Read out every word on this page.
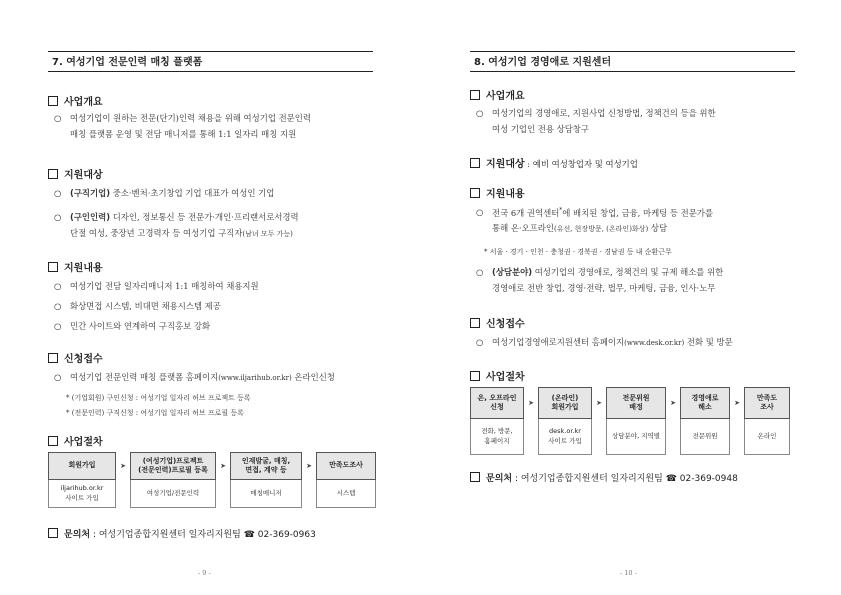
7. 여성기업 전문인력 매칭 플랫폼
사업개요
○ 여성기업이 원하는 전문(단기)인력 채용을 위해 여성기업 전문인력
매칭 플랫폼 운영 및 전담 매니저를 통해 1:1 일자리 매칭 지원
지원대상
○ (구직기업) 중소·벤처·초기창업 기업 대표가 여성인 기업
○ (구인인력) 디자인, 정보통신 등 전문가·개인·프리랜서로서경력
단절 여성, 중장년 고경력자 등 여성기업 구직자(남녀 모두 가능)
지원내용
○ 여성기업 전담 일자리매니저 1:1 매칭하여 채용지원
○ 화상면접 시스템, 비대면 채용시스템 제공
○ 민간 사이트와 연계하여 구직홍보 강화
신청접수
○ 여성기업 전문인력 매칭 플랫폼 홈페이지(www.iljarihub.or.kr) 온라인신청
* (기업회원) 구인신청 : 여성기업 일자리 허브 프로젝트 등록
* (전문인력) 구직신청 : 여성기업 일자리 허브 프로필 등록
사업절차
회원가입
iljarihub.or.kr
사이트 가입
➤
(여성기업)프로젝트
(전문인력)프로필 등록
여성기업/전문인력
➤
인재발굴, 매칭,
면접, 계약 등
매칭매니저
➤	만족도조사
시스템
문의처 : 여성기업종합지원센터 일자리지원팀 ☎ 02-369-0963
- 9 -
8. 여성기업 경영애로 지원센터
사업개요
○ 여성기업의 경영애로, 지원사업 신청방법, 정책건의 등을 위한
여성 기업인 전용 상담창구
지원대상 : 예비 여성창업자 및 여성기업
지원내용
○ 전국 6개 권역센터*에 배치된 창업, 금융, 마케팅 등 전문가를
통해 온·오프라인(유선, 현장방문, (온라인)화상) 상담
* 서울 · 경기 · 인천 · 충청권 · 경북권 · 경남권 등 내 순환근무
○ (상담분야) 여성기업의 경영애로, 정책건의 및 규제 해소를 위한
경영애로 전반 창업, 경영·전략, 법무, 마케팅, 금융, 인사·노무
신청접수
○ 여성기업경영애로지원센터 홈페이지(www.desk.or.kr) 전화 및 방문
사업절차
온, 오프라인
신청
전화, 방문,
홈페이지
➤
(온라인)
회원가입
desk.or.kr
사이트 가입
➤
전문위원
배정
상담분야, 지역별
➤
경영애로
해소
전문위원
➤
만족도
조사
온라인
문의처 : 여성기업종합지원센터 일자리지원팀 ☎ 02-369-0948
- 10 -
